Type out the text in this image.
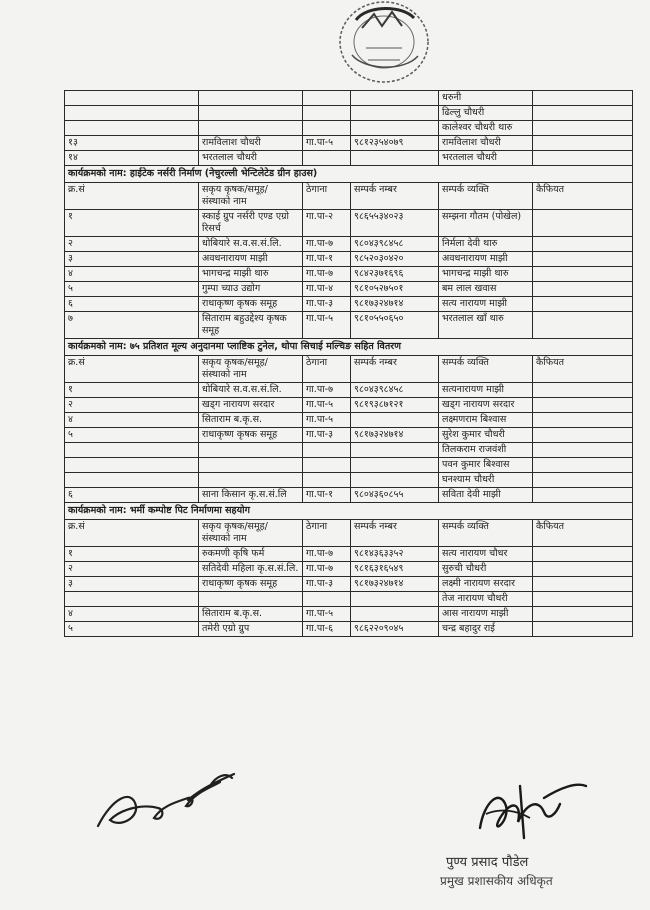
				धरुनी	
				ढिल्लु चौधरी	
				कालेश्वर चौधरी थारु	
१३	रामविलाश चौधरी	गा.पा-५	९८१२३५४०७९	रामविलाश चौधरी	
१४	भरतलाल चौधरी			भरतलाल चौधरी	
कार्यक्रमको नाम: हाईटेक नर्सरी निर्माण (नेचुरल्ली भेन्टिलेटेड ग्रीन हाउस)					
क्र.सं	सकृय कृषक/समूह/ संस्थाको नाम	ठेगाना	सम्पर्क नम्बर	सम्पर्क व्यक्ति	कैफियत
१	स्काई ग्रुप नर्सरी एण्ड एग्रो रिसर्च	गा.पा-२	९८६५५३४०२३	सम्झना गौतम (पोखेल)	
२	धोबियारे स.व.स.सं.लि.	गा.पा-७	९८०४३९८४५८	निर्मला देवी थारु	
३	अवधनारायण माझी	गा.पा-१	९८५२०३०४२०	अवधनारायण माझी	
४	भागचन्द्र माझी थारु	गा.पा-७	९८४२३७१६९६	भागचन्द्र माझी थारु	
५	गुम्पा च्याउ उद्योग	गा.पा-४	९८१०५२७५०१	बम लाल खवास	
६	राधाकृष्ण कृषक समूह	गा.पा-३	९८१७३२४७१४	सत्य नारायण माझी	
७	सिताराम बहुउद्देश्य कृषक समूह	गा.पा-५	९८१०५५०६५०	भरतलाल खाँ थारु	
कार्यक्रमको नाम: ७५ प्रतिशत मूल्य अनुदानमा प्लाष्टिक टुनेल, थोपा सिचाई मल्चिङ सहित वितरण					
क्र.सं	सकृय कृषक/समूह/ संस्थाको नाम	ठेगाना	सम्पर्क नम्बर	सम्पर्क व्यक्ति	कैफियत
१	धोबियारे स.व.स.सं.लि.	गा.पा-७	९८०४३९८४५८	सत्यनारायण माझी	
२	खड्ग नारायण सरदार	गा.पा-५	९८१९३८७१२१	खड्ग नारायण सरदार	
४	सिताराम ब.कृ.स.	गा.पा-५		लक्ष्मणराम बिश्वास	
५	राधाकृष्ण कृषक समूह	गा.पा-३	९८१७३२४७१४	सुरेश कुमार चौधरी	
				तिलकराम राजवंशी	
				पवन कुमार बिश्वास	
				घनश्याम चौधरी	
६	साना किसान कृ.स.सं.लि	गा.पा-१	९८०४३६०८५५	सविता देवी माझी	
कार्यक्रमको नाम: भर्मी कम्पोष्ट पिट निर्माणमा सहयोग					
क्र.सं	सकृय कृषक/समूह/ संस्थाको नाम	ठेगाना	सम्पर्क नम्बर	सम्पर्क व्यक्ति	कैफियत
१	रुकमणी कृषि फर्म	गा.पा-७	९८१४३६३३५२	सत्य नारायण चौधर	
२	सतिदेवी महिला कृ.स.सं.लि.	गा.पा-७	९८१६३१६५४९	सुरुची चौधरी	
३	राधाकृष्ण कृषक समूह	गा.पा-३	९८१७३२४७१४	लक्ष्मी नारायण सरदार	
				तेज नारायण चौधरी	
४	सिताराम ब.कृ.स.	गा.पा-५		आस नारायण माझी	
५	तमेरी एग्रो ग्रुप	गा.पा-६	९८६२२०९०४५	चन्द्र बहादुर राई	
पुण्य प्रसाद पौडेल
प्रमुख प्रशासकीय अधिकृत
